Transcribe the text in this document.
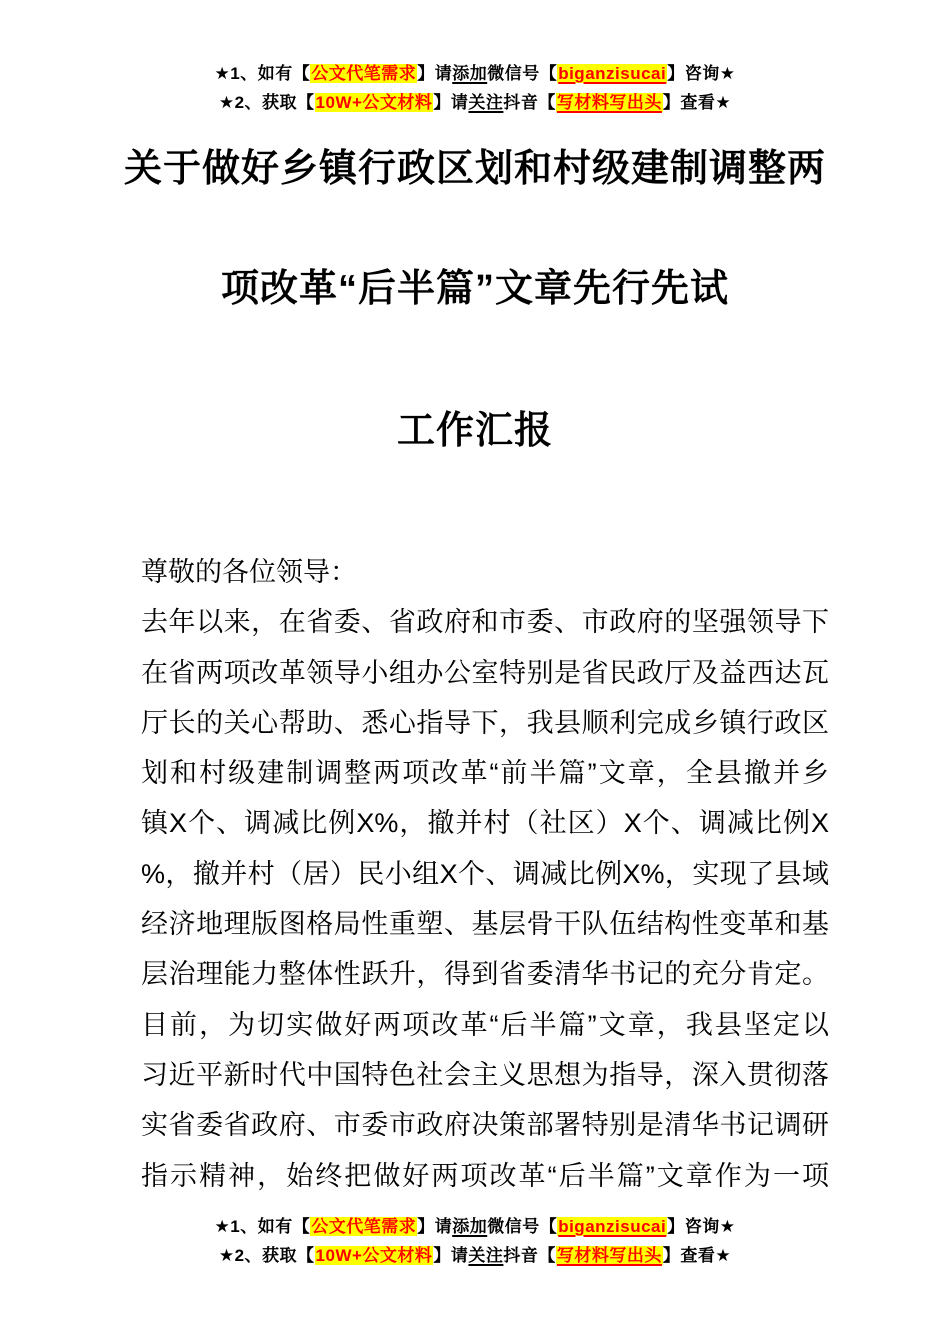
★1、如有【公文代笔需求】请添加微信号【biganzisucai】咨询★
★2、获取【10W+公文材料】请关注抖音【写材料写出头】查看★
关于做好乡镇行政区划和村级建制调整两
项改革“后半篇”文章先行先试
工作汇报
尊敬的各位领导：
去年以来，在省委、省政府和市委、市政府的坚强领导下
在省两项改革领导小组办公室特别是省民政厅及益西达瓦
厅长的关心帮助、悉心指导下，我县顺利完成乡镇行政区
划和村级建制调整两项改革“前半篇”文章，全县撤并乡
镇X个、调减比例X%，撤并村（社区）X个、调减比例X
%，撤并村（居）民小组X个、调减比例X%，实现了县域
经济地理版图格局性重塑、基层骨干队伍结构性变革和基
层治理能力整体性跃升，得到省委清华书记的充分肯定。
目前，为切实做好两项改革“后半篇”文章，我县坚定以
习近平新时代中国特色社会主义思想为指导，深入贯彻落
实省委省政府、市委市政府决策部署特别是清华书记调研
指示精神，始终把做好两项改革“后半篇”文章作为一项
★1、如有【公文代笔需求】请添加微信号【biganzisucai】咨询★
★2、获取【10W+公文材料】请关注抖音【写材料写出头】查看★
